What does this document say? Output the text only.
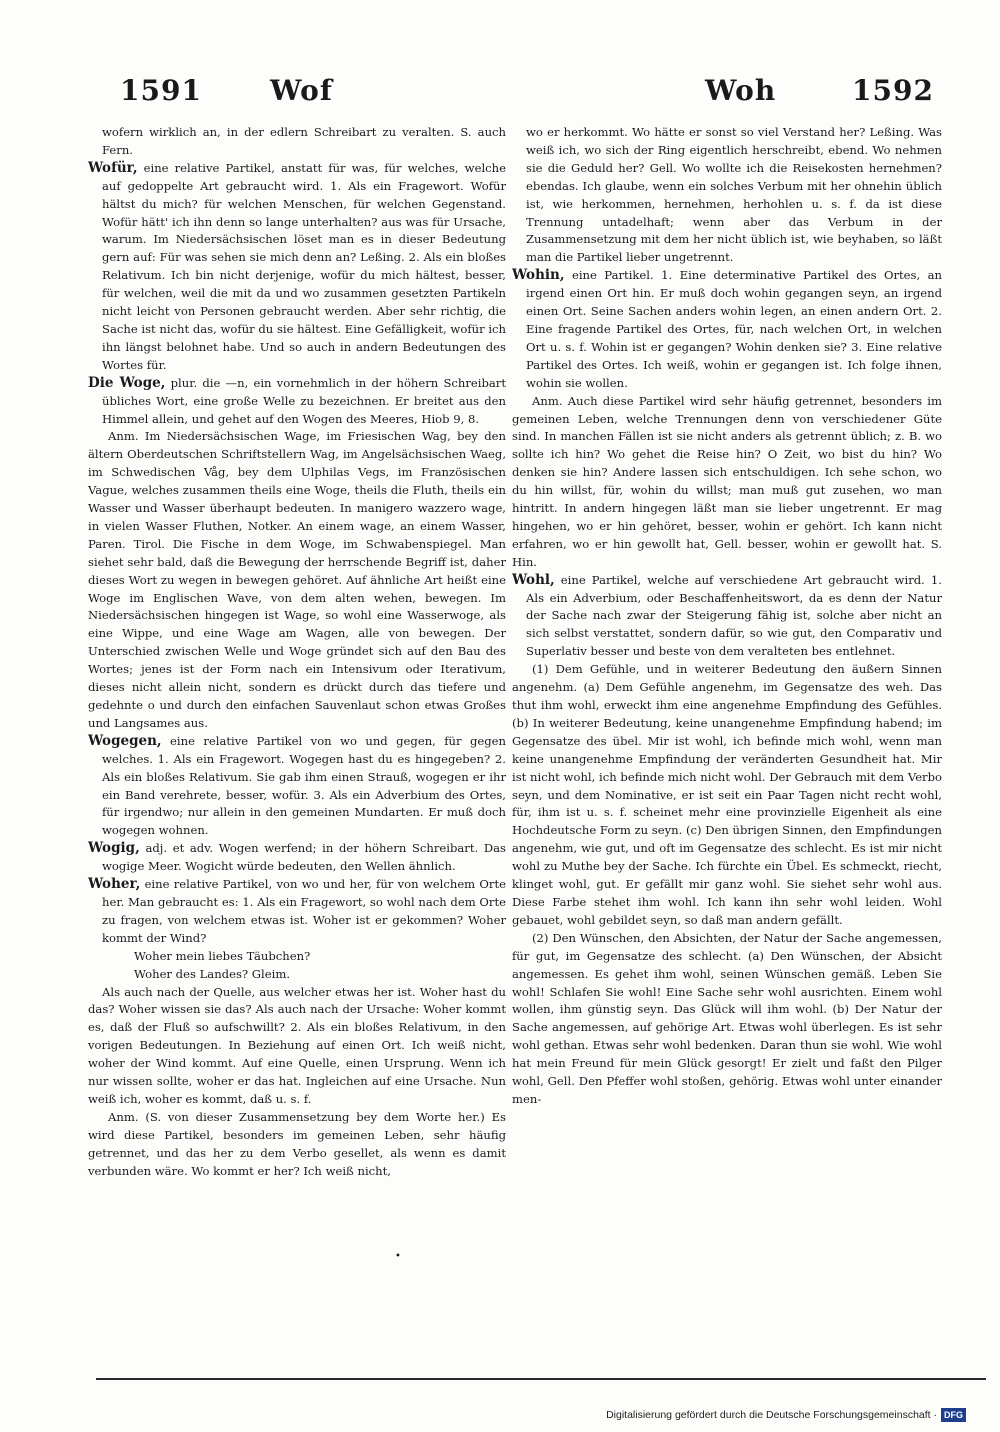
1591 Wof	Woh	1592

wofern wirklich an, in der edlern Schreibart zu veralten. S. auch Fern.

Wofür, eine relative Partikel, anstatt für was, für welches, welche auf gedoppelte Art gebraucht wird. 1. Als ein Fragewort. Wofür hältst du mich? für welchen Menschen, für welchen Gegenstand. Wofür hätt' ich ihn denn so lange unterhalten? aus was für Ursache, warum. Im Niedersächsischen löset man es in dieser Bedeutung gern auf: Für was sehen sie mich denn an? Leßing. 2. Als ein bloßes Relativum. Ich bin nicht derjenige, wofür du mich hältest, besser, für welchen, weil die mit da und wo zusammen gesetzten Partikeln nicht leicht von Personen gebraucht werden. Aber sehr richtig, die Sache ist nicht das, wofür du sie hältest. Eine Gefälligkeit, wofür ich ihn längst belohnet habe. Und so auch in andern Bedeutungen des Wortes für.

Die Woge, plur. die —n, ein vornehmlich in der höhern Schreibart übliches Wort, eine große Welle zu bezeichnen. Er breitet aus den Himmel allein, und gehet auf den Wogen des Meeres, Hiob 9, 8.

Anm. Im Niedersächsischen Wage, im Friesischen Wag, bey den ältern Oberdeutschen Schriftstellern Wag, im Angelsächsischen Waeg, im Schwedischen Våg, bey dem Ulphilas Vegs, im Französischen Vague, welches zusammen theils eine Woge, theils die Fluth, theils ein Wasser und Wasser überhaupt bedeuten. In manigero wazzero wage, in vielen Wasser Fluthen, Notker. An einem wage, an einem Wasser, Paren. Tirol. Die Fische in dem Woge, im Schwabenspiegel. Man siehet sehr bald, daß die Bewegung der herrschende Begriff ist, daher dieses Wort zu wegen in bewegen gehöret. Auf ähnliche Art heißt eine Woge im Englischen Wave, von dem alten wehen, bewegen. Im Niedersächsischen hingegen ist Wage, so wohl eine Wasserwoge, als eine Wippe, und eine Wage am Wagen, alle von bewegen. Der Unterschied zwischen Welle und Woge gründet sich auf den Bau des Wortes; jenes ist der Form nach ein Intensivum oder Iterativum, dieses nicht allein nicht, sondern es drückt durch das tiefere und gedehnte o und durch den einfachen Sauvenlaut schon etwas Großes und Langsames aus.

Wogegen, eine relative Partikel von wo und gegen, für gegen welches. 1. Als ein Fragewort. Wogegen hast du es hingegeben? 2. Als ein bloßes Relativum. Sie gab ihm einen Strauß, wogegen er ihr ein Band verehrete, besser, wofür. 3. Als ein Adverbium des Ortes, für irgendwo; nur allein in den gemeinen Mundarten. Er muß doch wogegen wohnen.

Wogig, adj. et adv. Wogen werfend; in der höhern Schreibart. Das wogige Meer. Wogicht würde bedeuten, den Wellen ähnlich.

Woher, eine relative Partikel, von wo und her, für von welchem Orte her. Man gebraucht es: 1. Als ein Fragewort, so wohl nach dem Orte zu fragen, von welchem etwas ist. Woher ist er gekommen? Woher kommt der Wind?

Woher mein liebes Täubchen?

Woher des Landes? Gleim.

Als auch nach der Quelle, aus welcher etwas her ist. Woher hast du das? Woher wissen sie das? Als auch nach der Ursache: Woher kommt es, daß der Fluß so aufschwillt? 2. Als ein bloßes Relativum, in den vorigen Bedeutungen. In Beziehung auf einen Ort. Ich weiß nicht, woher der Wind kommt. Auf eine Quelle, einen Ursprung. Wenn ich nur wissen sollte, woher er das hat. Ingleichen auf eine Ursache. Nun weiß ich, woher es kommt, daß u. s. f.

Anm. (S. von dieser Zusammensetzung bey dem Worte her.) Es wird diese Partikel, besonders im gemeinen Leben, sehr häufig getrennet, und das her zu dem Verbo gesellet, als wenn es damit verbunden wäre. Wo kommt er her? Ich weiß nicht,

wo er herkommt. Wo hätte er sonst so viel Verstand her? Leßing. Was weiß ich, wo sich der Ring eigentlich herschreibt, ebend. Wo nehmen sie die Geduld her? Gell. Wo wollte ich die Reisekosten hernehmen? ebendas. Ich glaube, wenn ein solches Verbum mit her ohnehin üblich ist, wie herkommen, hernehmen, herhohlen u. s. f. da ist diese Trennung untadelhaft; wenn aber das Verbum in der Zusammensetzung mit dem her nicht üblich ist, wie beyhaben, so läßt man die Partikel lieber ungetrennt.

Wohin, eine Partikel. 1. Eine determinative Partikel des Ortes, an irgend einen Ort hin. Er muß doch wohin gegangen seyn, an irgend einen Ort. Seine Sachen anders wohin legen, an einen andern Ort. 2. Eine fragende Partikel des Ortes, für, nach welchen Ort, in welchen Ort u. s. f. Wohin ist er gegangen? Wohin denken sie? 3. Eine relative Partikel des Ortes. Ich weiß, wohin er gegangen ist. Ich folge ihnen, wohin sie wollen.

Anm. Auch diese Partikel wird sehr häufig getrennet, besonders im gemeinen Leben, welche Trennungen denn von verschiedener Güte sind. In manchen Fällen ist sie nicht anders als getrennt üblich; z. B. wo sollte ich hin? Wo gehet die Reise hin? O Zeit, wo bist du hin? Wo denken sie hin? Andere lassen sich entschuldigen. Ich sehe schon, wo du hin willst, für, wohin du willst; man muß gut zusehen, wo man hintritt. In andern hingegen läßt man sie lieber ungetrennt. Er mag hingehen, wo er hin gehöret, besser, wohin er gehört. Ich kann nicht erfahren, wo er hin gewollt hat, Gell. besser, wohin er gewollt hat. S. Hin.

Wohl, eine Partikel, welche auf verschiedene Art gebraucht wird. 1. Als ein Adverbium, oder Beschaffenheitswort, da es denn der Natur der Sache nach zwar der Steigerung fähig ist, solche aber nicht an sich selbst verstattet, sondern dafür, so wie gut, den Comparativ und Superlativ besser und beste von dem veralteten bes entlehnet.

(1) Dem Gefühle, und in weiterer Bedeutung den äußern Sinnen angenehm. (a) Dem Gefühle angenehm, im Gegensatze des weh. Das thut ihm wohl, erweckt ihm eine angenehme Empfindung des Gefühles. (b) In weiterer Bedeutung, keine unangenehme Empfindung habend; im Gegensatze des übel. Mir ist wohl, ich befinde mich wohl, wenn man keine unangenehme Empfindung der veränderten Gesundheit hat. Mir ist nicht wohl, ich befinde mich nicht wohl. Der Gebrauch mit dem Verbo seyn, und dem Nominative, er ist seit ein Paar Tagen nicht recht wohl, für, ihm ist u. s. f. scheinet mehr eine provinzielle Eigenheit als eine Hochdeutsche Form zu seyn. (c) Den übrigen Sinnen, den Empfindungen angenehm, wie gut, und oft im Gegensatze des schlecht. Es ist mir nicht wohl zu Muthe bey der Sache. Ich fürchte ein Übel. Es schmeckt, riecht, klinget wohl, gut. Er gefällt mir ganz wohl. Sie siehet sehr wohl aus. Diese Farbe stehet ihm wohl. Ich kann ihn sehr wohl leiden. Wohl gebauet, wohl gebildet seyn, so daß man andern gefällt.

(2) Den Wünschen, den Absichten, der Natur der Sache angemessen, für gut, im Gegensatze des schlecht. (a) Den Wünschen, der Absicht angemessen. Es gehet ihm wohl, seinen Wünschen gemäß. Leben Sie wohl! Schlafen Sie wohl! Eine Sache sehr wohl ausrichten. Einem wohl wollen, ihm günstig seyn. Das Glück will ihm wohl. (b) Der Natur der Sache angemessen, auf gehörige Art. Etwas wohl überlegen. Es ist sehr wohl gethan. Etwas sehr wohl bedenken. Daran thun sie wohl. Wie wohl hat mein Freund für mein Glück gesorgt! Er zielt und faßt den Pilger wohl, Gell. Den Pfeffer wohl stoßen, gehörig. Etwas wohl unter einander men-

•
Digitalisierung gefördert durch die Deutsche Forschungsgemeinschaft · DFG
